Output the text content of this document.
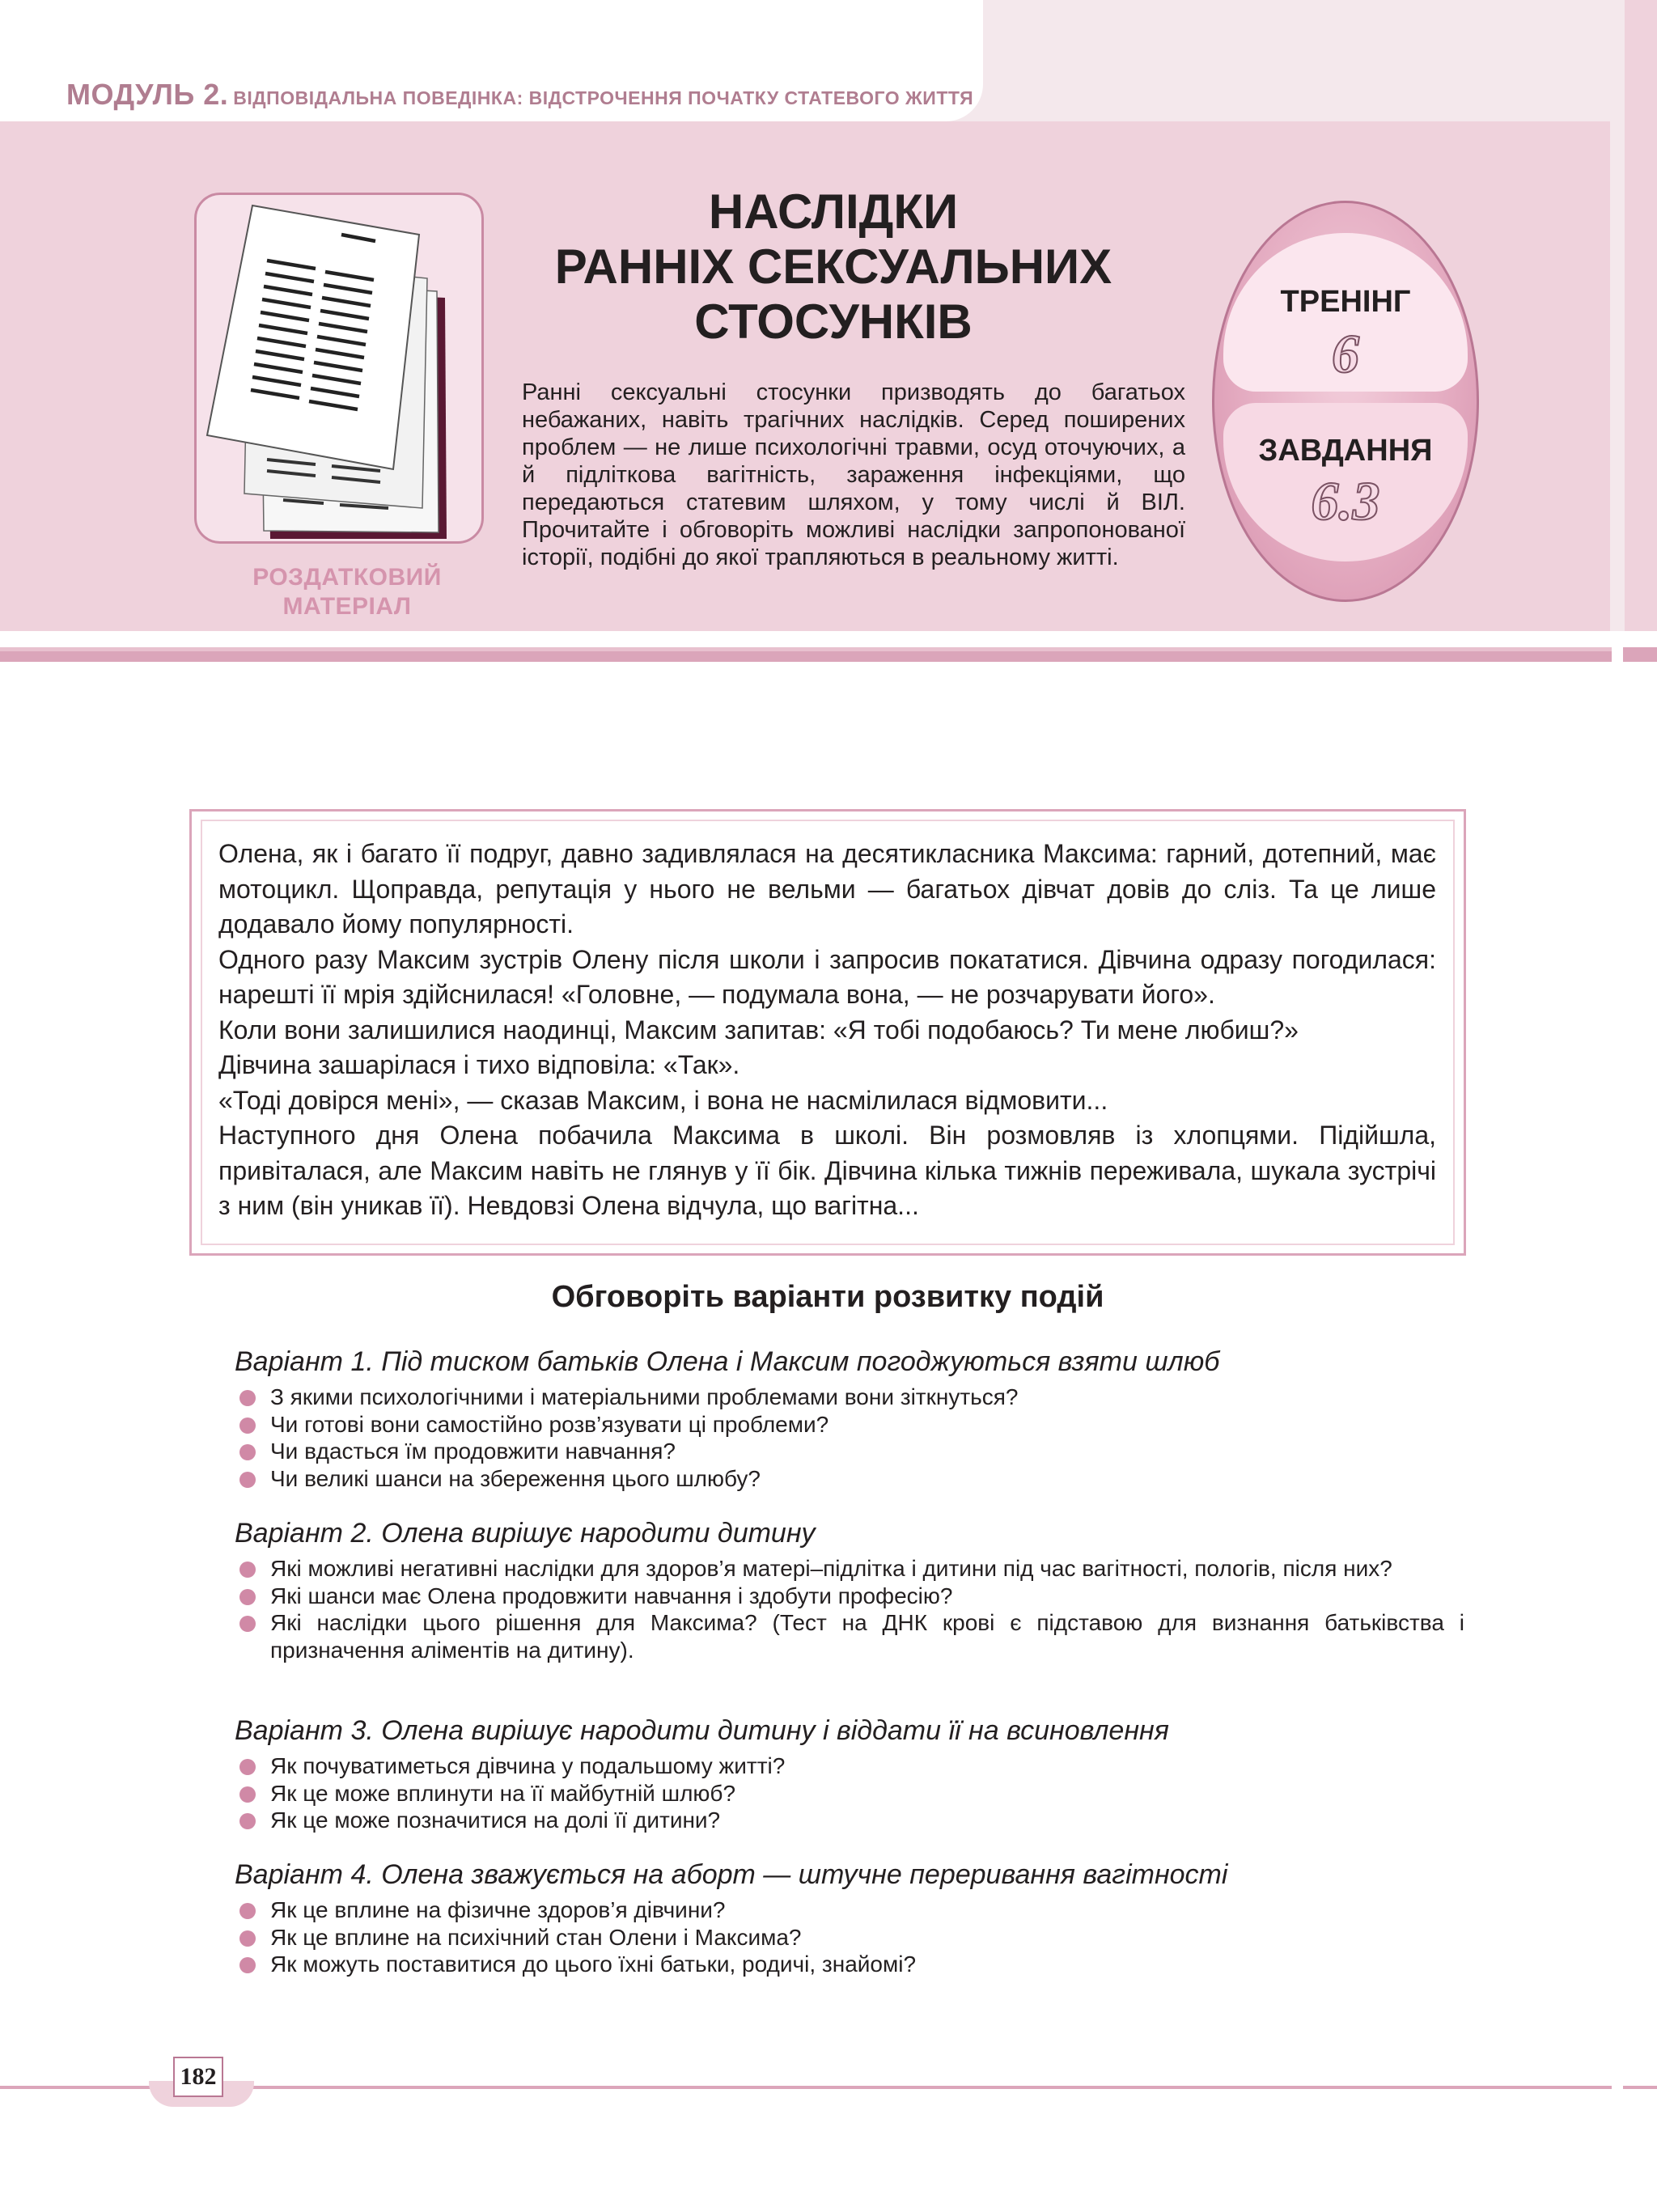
МОДУЛЬ 2. ВІДПОВІДАЛЬНА ПОВЕДІНКА: ВІДСТРОЧЕННЯ ПОЧАТКУ СТАТЕВОГО ЖИТТЯ
РОЗДАТКОВИЙ
МАТЕРІАЛ
НАСЛІДКИ
РАННІХ СЕКСУАЛЬНИХ
СТОСУНКІВ

Ранні сексуальні стосунки призводять до багатьох небажаних, навіть трагічних наслідків. Серед поширених проблем — не лише психологічні травми, осуд оточуючих, а й підліткова вагітність, зараження інфекціями, що передаються статевим шляхом, у тому числі й ВІЛ. Прочитайте і обговоріть можливі наслідки запропонованої історії, подібні до якої трапляються в реальному житті.

ТРЕНІНГ
6
ЗАВДАННЯ
6.3

Олена, як і багато її подруг, давно задивлялася на десятикласника Максима: гарний, дотепний, має мотоцикл. Щоправда, репутація у нього не вельми — багатьох дівчат довів до сліз. Та це лише додавало йому популярності.

Одного разу Максим зустрів Олену після школи і запросив покататися. Дівчина одразу погодилася: нарешті її мрія здійснилася! «Головне, — подумала вона, — не розчарувати його».

Коли вони залишилися наодинці, Максим запитав: «Я тобі подобаюсь? Ти мене любиш?»

Дівчина зашарілася і тихо відповіла: «Так».

«Тоді довірся мені», — сказав Максим, і вона не насмілилася відмовити...

Наступного дня Олена побачила Максима в школі. Він розмовляв із хлопцями. Підійшла, привіталася, але Максим навіть не глянув у її бік. Дівчина кілька тижнів переживала, шукала зустрічі з ним (він уникав її). Невдовзі Олена відчула, що вагітна...

Обговоріть варіанти розвитку подій

Варіант 1. Під тиском батьків Олена і Максим погоджуються взяти шлюб

З якими психологічними і матеріальними проблемами вони зіткнуться?
Чи готові вони самостійно розв’язувати ці проблеми?
Чи вдасться їм продовжити навчання?
Чи великі шанси на збереження цього шлюбу?

Варіант 2. Олена вирішує народити дитину

Які можливі негативні наслідки для здоров’я матері–підлітка і дитини під час вагітності, пологів, після них?
Які шанси має Олена продовжити навчання і здобути професію?
Які наслідки цього рішення для Максима? (Тест на ДНК крові є підставою для визнання батьківства і призначення аліментів на дитину).

Варіант 3. Олена вирішує народити дитину і віддати її на всиновлення

Як почуватиметься дівчина у подальшому житті?
Як це може вплинути на її майбутній шлюб?
Як це може позначитися на долі її дитини?

Варіант 4. Олена зважується на аборт — штучне переривання вагітності

Як це вплине на фізичне здоров’я дівчини?
Як це вплине на психічний стан Олени і Максима?
Як можуть поставитися до цього їхні батьки, родичі, знайомі?
182
